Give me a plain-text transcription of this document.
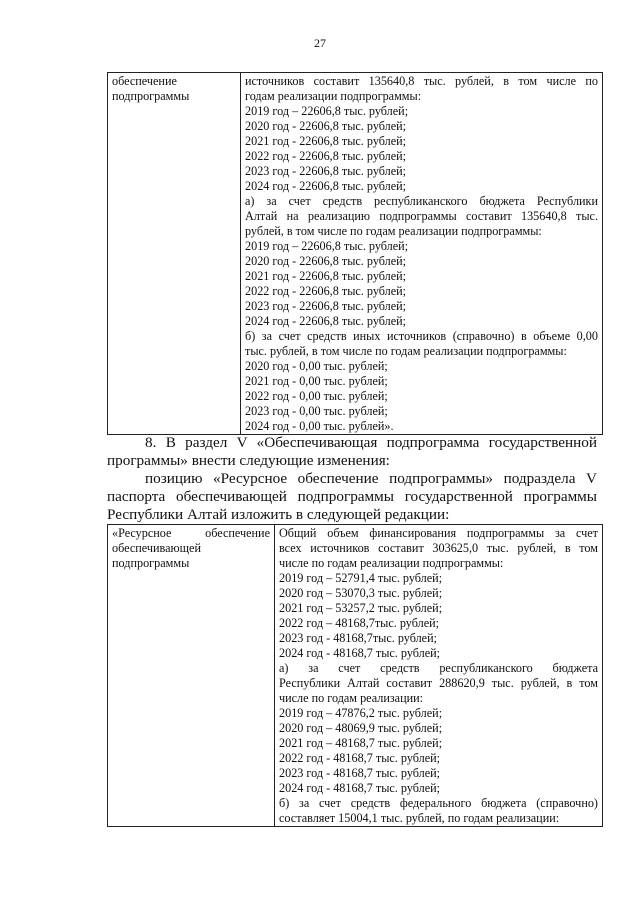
27
обеспечение
подпрограммы

источников составит 135640,8 тыс. рублей, в том числе по
годам реализации подпрограммы:
2019 год – 22606,8 тыс. рублей;
2020 год - 22606,8 тыс. рублей;
2021 год - 22606,8 тыс. рублей;
2022 год - 22606,8 тыс. рублей;
2023 год - 22606,8 тыс. рублей;
2024 год - 22606,8 тыс. рублей;
а) за счет средств республиканского бюджета Республики
Алтай на реализацию подпрограммы составит 135640,8 тыс.
рублей, в том числе по годам реализации подпрограммы:
2019 год – 22606,8 тыс. рублей;
2020 год - 22606,8 тыс. рублей;
2021 год - 22606,8 тыс. рублей;
2022 год - 22606,8 тыс. рублей;
2023 год - 22606,8 тыс. рублей;
2024 год - 22606,8 тыс. рублей;
б) за счет средств иных источников (справочно) в объеме 0,00
тыс. рублей, в том числе по годам реализации подпрограммы:
2020 год - 0,00 тыс. рублей;
2021 год - 0,00 тыс. рублей;
2022 год - 0,00 тыс. рублей;
2023 год - 0,00 тыс. рублей;
2024 год - 0,00 тыс. рублей».
8. В раздел V «Обеспечивающая подпрограмма государственной
программы» внести следующие изменения:
позицию «Ресурсное обеспечение подпрограммы» подраздела V
паспорта обеспечивающей подпрограммы государственной программы
Республики Алтай изложить в следующей редакции:
«Ресурсное обеспечение
обеспечивающей
подпрограммы

Общий объем финансирования подпрограммы за счет
всех источников составит 303625,0 тыс. рублей, в том
числе по годам реализации подпрограммы:
2019 год – 52791,4 тыс. рублей;
2020 год – 53070,3 тыс. рублей;
2021 год – 53257,2 тыс. рублей;
2022 год – 48168,7тыс. рублей;
2023 год - 48168,7тыс. рублей;
2024 год - 48168,7 тыс. рублей;
а) за счет средств республиканского бюджета
Республики Алтай составит 288620,9 тыс. рублей, в том
числе по годам реализации:
2019 год – 47876,2 тыс. рублей;
2020 год – 48069,9 тыс. рублей;
2021 год – 48168,7 тыс. рублей;
2022 год - 48168,7 тыс. рублей;
2023 год - 48168,7 тыс. рублей;
2024 год - 48168,7 тыс. рублей;
б) за счет средств федерального бюджета (справочно)
составляет 15004,1 тыс. рублей, по годам реализации:
